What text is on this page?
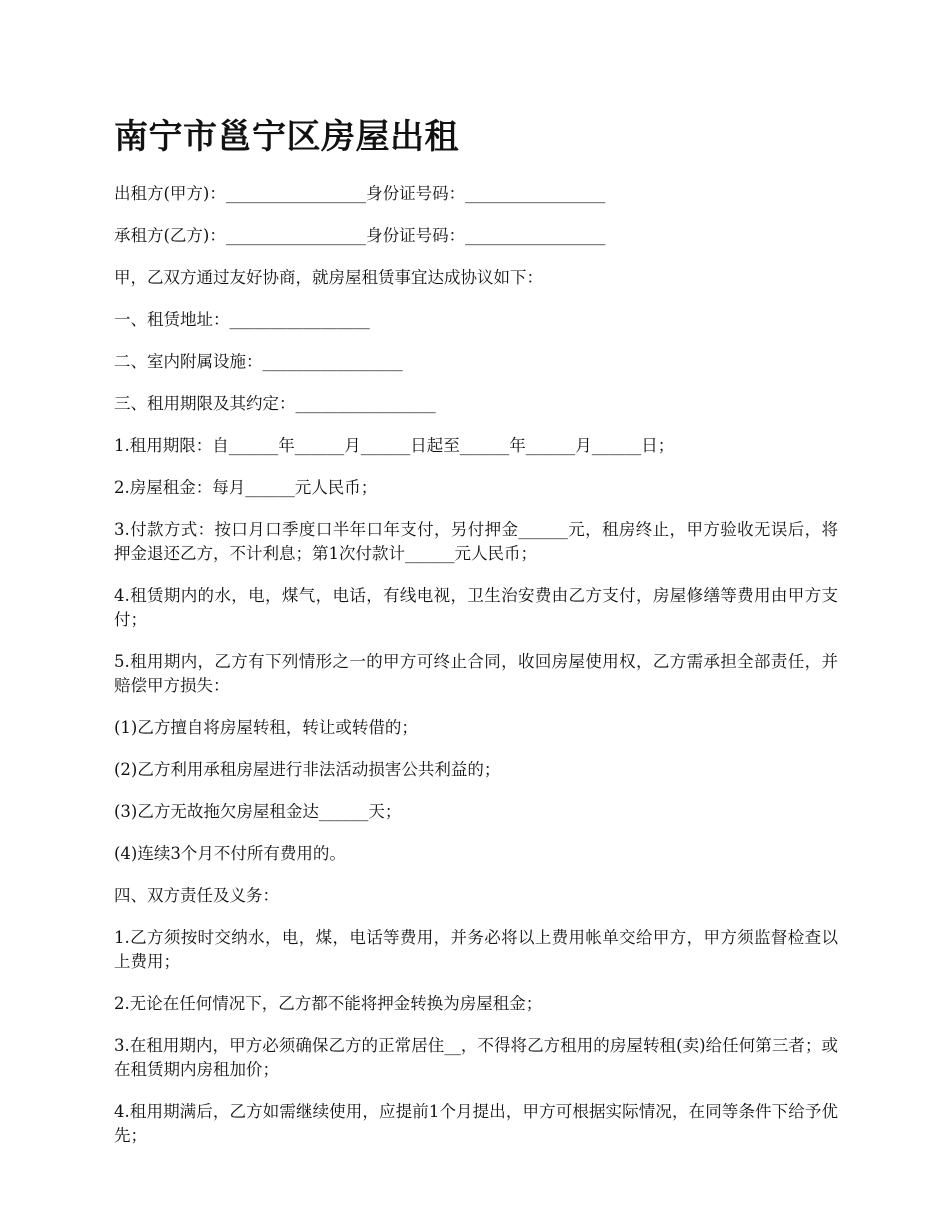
南宁市邕宁区房屋出租

出租方(甲方)：_________________身份证号码：_________________

承租方(乙方)：_________________身份证号码：_________________

甲，乙双方通过友好协商，就房屋租赁事宜达成协议如下：

一、租赁地址：_________________

二、室内附属设施：_________________

三、租用期限及其约定：_________________

1.租用期限：自______年______月______日起至______年______月______日；

2.房屋租金：每月______元人民币；

3.付款方式：按口月口季度口半年口年支付，另付押金______元，租房终止，甲方验收无误后，将押金退还乙方，不计利息；第1次付款计______元人民币；

4.租赁期内的水，电，煤气，电话，有线电视，卫生治安费由乙方支付，房屋修缮等费用由甲方支付；

5.租用期内，乙方有下列情形之一的甲方可终止合同，收回房屋使用权，乙方需承担全部责任，并赔偿甲方损失：

(1)乙方擅自将房屋转租，转让或转借的；

(2)乙方利用承租房屋进行非法活动损害公共利益的；

(3)乙方无故拖欠房屋租金达______天；

(4)连续3个月不付所有费用的。

四、双方责任及义务：

1.乙方须按时交纳水，电，煤，电话等费用，并务必将以上费用帐单交给甲方，甲方须监督检查以上费用；

2.无论在任何情况下，乙方都不能将押金转换为房屋租金；

3.在租用期内，甲方必须确保乙方的正常居住__，不得将乙方租用的房屋转租(卖)给任何第三者；或在租赁期内房租加价；

4.租用期满后，乙方如需继续使用，应提前1个月提出，甲方可根据实际情况，在同等条件下给予优先；
